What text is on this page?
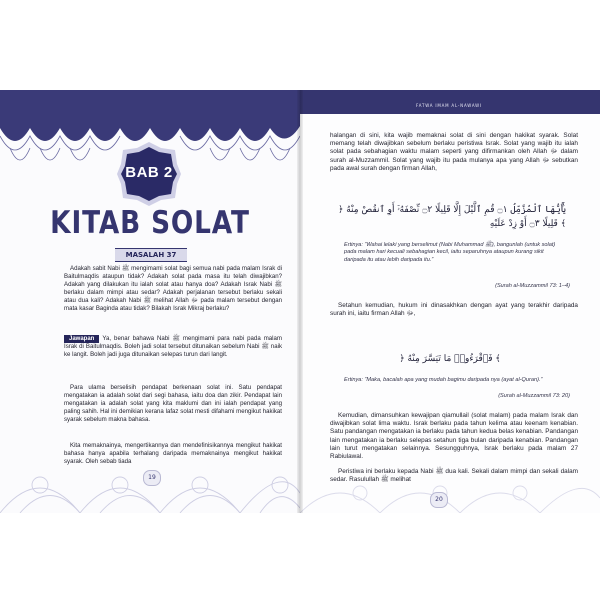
BAB 2
KITAB SOLAT
MASALAH 37

Adakah sabit Nabi ﷺ mengimami solat bagi semua nabi pada malam Israk di Baitulmaqdis ataupun tidak? Adakah solat pada masa itu telah diwajibkan? Adakah yang dilakukan itu ialah solat atau hanya doa? Adakah Israk Nabi ﷺ berlaku dalam mimpi atau sedar? Adakah perjalanan tersebut berlaku sekali atau dua kali? Adakah Nabi ﷺ melihat Allah ﷻ pada malam tersebut dengan mata kasar Baginda atau tidak? Bilakah Israk Mikraj berlaku?

Jawapan Ya, benar bahawa Nabi ﷺ mengimami para nabi pada malam Israk di Baitulmaqdis. Boleh jadi solat tersebut ditunaikan sebelum Nabi ﷺ naik ke langit. Boleh jadi juga ditunaikan selepas turun dari langit.

Para ulama berselisih pendapat berkenaan solat ini. Satu pendapat mengatakan ia adalah solat dari segi bahasa, iaitu doa dan zikir. Pendapat lain mengatakan ia adalah solat yang kita maklumi dan ini ialah pendapat yang paling sahih. Hal ini demikian kerana lafaz solat mesti difahami mengikut hakikat syarak sebelum makna bahasa.

Kita memaknainya, mengertikannya dan mendefinisikannya mengikut hakikat bahasa hanya apabila terhalang daripada memaknainya mengikut hakikat syarak. Oleh sebab tiada

19
FATWA IMAM AL-NAWAWI

halangan di sini, kita wajib memaknai solat di sini dengan hakikat syarak. Solat memang telah diwajibkan sebelum berlaku peristiwa Israk. Solat yang wajib itu ialah solat pada sebahagian waktu malam seperti yang difirmankan oleh Allah ﷻ dalam surah al-Muzzammil. Solat yang wajib itu pada mulanya apa yang Allah ﷻ sebutkan pada awal surah dengan firman Allah,

﴿ يَٰٓأَيُّهَا ٱلْمُزَّمِّلُ ۝١ قُمِ ٱلَّيْلَ إِلَّا قَلِيلًا ۝٢ نِّصْفَهُۥٓ أَوِ ٱنقُصْ مِنْهُ قَلِيلًا ۝٣ أَوْ زِدْ عَلَيْهِ ﴾

Ertinya: “Wahai lelaki yang berselimut (Nabi Muhammad ﷺ), bangunlah (untuk solat) pada malam hari kecuali sebahagian kecil, iaitu separuhnya ataupun kurang sikit daripada itu atau lebih daripada itu.”

(Surah al-Muzzammil 73: 1–4)

Setahun kemudian, hukum ini dinasakhkan dengan ayat yang terakhir daripada surah ini, iaitu firman Allah ﷻ,

﴿ فَٱقْرَءُوا۟ مَا تَيَسَّرَ مِنْهُ ﴾

Ertinya: “Maka, bacalah apa yang mudah bagimu daripada nya (ayat al-Quran).”

(Surah al-Muzzammil 73: 20)

Kemudian, dimansuhkan kewajipan qiamullail (solat malam) pada malam Israk dan diwajibkan solat lima waktu. Israk berlaku pada tahun kelima atau keenam kenabian. Satu pandangan mengatakan ia berlaku pada tahun kedua belas kenabian. Pandangan lain mengatakan ia berlaku selepas setahun tiga bulan daripada kenabian. Pandangan lain turut mengatakan selainnya. Sesungguhnya, Israk berlaku pada malam 27 Rabiulawal.

Peristiwa ini berlaku kepada Nabi ﷺ dua kali. Sekali dalam mimpi dan sekali dalam sedar. Rasulullah ﷺ melihat

20
